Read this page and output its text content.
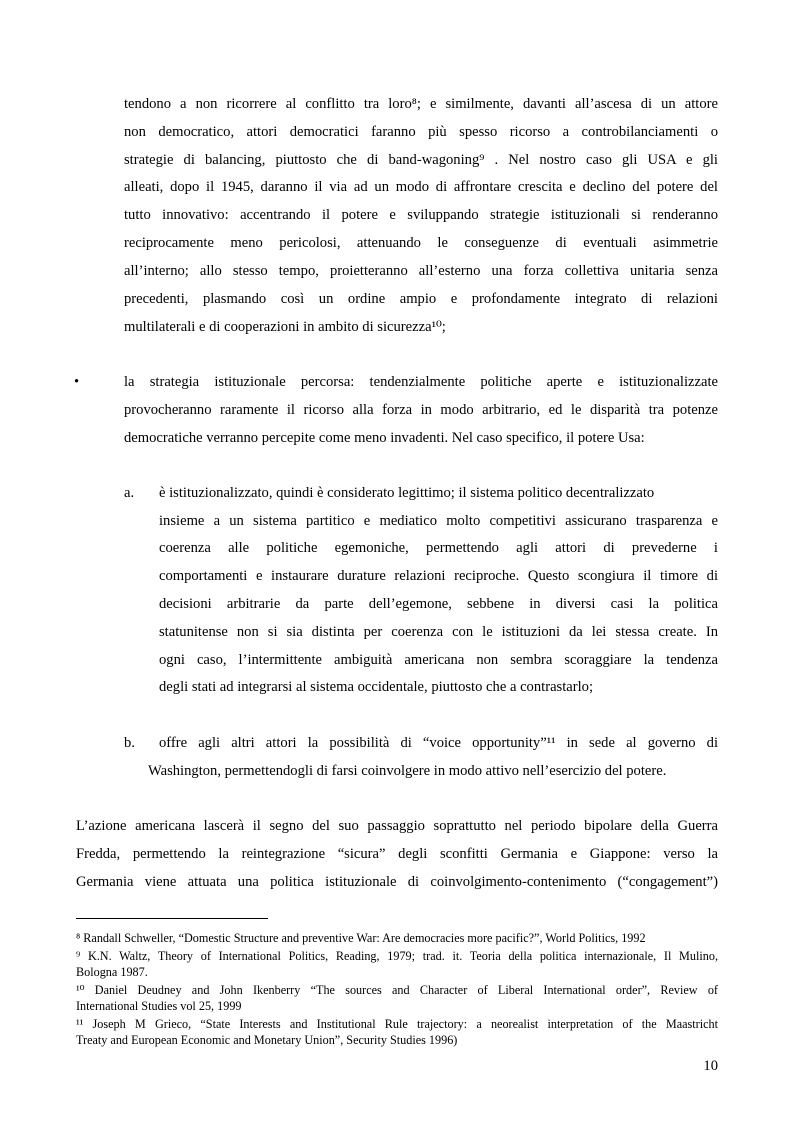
tendono a non ricorrere al conflitto tra loro⁸; e similmente, davanti all’ascesa di un attore
non democratico, attori democratici faranno più spesso ricorso a controbilanciamenti o
strategie di balancing, piuttosto che di band-wagoning⁹ . Nel nostro caso gli USA e gli
alleati, dopo il 1945, daranno il via ad un modo di affrontare crescita e declino del potere del
tutto innovativo: accentrando il potere e sviluppando strategie istituzionali si renderanno
reciprocamente meno pericolosi, attenuando le conseguenze di eventuali asimmetrie
all’interno; allo stesso tempo, proietteranno all’esterno una forza collettiva unitaria senza
precedenti, plasmando così un ordine ampio e profondamente integrato di relazioni
multilaterali e di cooperazioni in ambito di sicurezza¹⁰;
•	la strategia istituzionale percorsa: tendenzialmente politiche aperte e istituzionalizzate
provocheranno raramente il ricorso alla forza in modo arbitrario, ed le disparità tra potenze
democratiche verranno percepite come meno invadenti. Nel caso specifico, il potere Usa:
a. è istituzionalizzato, quindi è considerato legittimo; il sistema politico decentralizzato
insieme a un sistema partitico e mediatico molto competitivi assicurano trasparenza e
coerenza alle politiche egemoniche, permettendo agli attori di prevederne i
comportamenti e instaurare durature relazioni reciproche. Questo scongiura il timore di
decisioni arbitrarie da parte dell’egemone, sebbene in diversi casi la politica
statunitense non si sia distinta per coerenza con le istituzioni da lei stessa create. In
ogni caso, l’intermittente ambiguità americana non sembra scoraggiare la tendenza
degli stati ad integrarsi al sistema occidentale, piuttosto che a contrastarlo;
b. offre agli altri attori la possibilità di “voice opportunity”¹¹ in sede al governo di
Washington, permettendogli di farsi coinvolgere in modo attivo nell’esercizio del potere.
L’azione americana lascerà il segno del suo passaggio soprattutto nel periodo bipolare della Guerra
Fredda, permettendo la reintegrazione “sicura” degli sconfitti Germania e Giappone: verso la
Germania viene attuata una politica istituzionale di coinvolgimento-contenimento (“congagement”)
⁸ Randall Schweller, “Domestic Structure and preventive War: Are democracies more pacific?”, World Politics, 1992
⁹ K.N. Waltz, Theory of International Politics, Reading, 1979; trad. it. Teoria della politica internazionale, Il Mulino,
Bologna 1987.
¹⁰ Daniel Deudney and John Ikenberry “The sources and Character of Liberal International order”, Review of
International Studies vol 25, 1999
¹¹ Joseph M Grieco, “State Interests and Institutional Rule trajectory: a neorealist interpretation of the Maastricht
Treaty and European Economic and Monetary Union”, Security Studies 1996)
10
